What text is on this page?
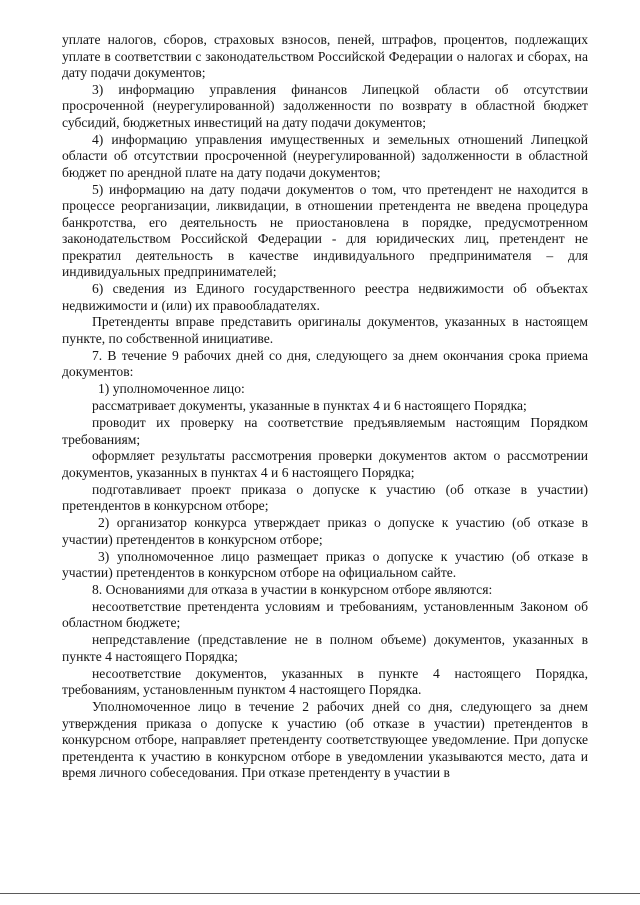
уплате налогов, сборов, страховых взносов, пеней, штрафов, процентов, подлежащих уплате в соответствии с законодательством Российской Федерации о налогах и сборах, на дату подачи документов;

3) информацию управления финансов Липецкой области об отсутствии просроченной (неурегулированной) задолженности по возврату в областной бюджет субсидий, бюджетных инвестиций на дату подачи документов;

4) информацию управления имущественных и земельных отношений Липецкой области об отсутствии просроченной (неурегулированной) задолженности в областной бюджет по арендной плате на дату подачи документов;

5) информацию на дату подачи документов о том, что претендент не находится в процессе реорганизации, ликвидации, в отношении претендента не введена процедура банкротства, его деятельность не приостановлена в порядке, предусмотренном законодательством Российской Федерации - для юридических лиц, претендент не прекратил деятельность в качестве индивидуального предпринимателя – для индивидуальных предпринимателей;

6) сведения из Единого государственного реестра недвижимости об объектах недвижимости и (или) их правообладателях.

Претенденты вправе представить оригиналы документов, указанных в настоящем пункте, по собственной инициативе.

7. В течение 9 рабочих дней со дня, следующего за днем окончания срока приема документов:

1) уполномоченное лицо:

рассматривает документы, указанные в пунктах 4 и 6 настоящего Порядка;

проводит их проверку на соответствие предъявляемым настоящим Порядком требованиям;

оформляет результаты рассмотрения проверки документов актом о рассмотрении документов, указанных в пунктах 4 и 6 настоящего Порядка;

подготавливает проект приказа о допуске к участию (об отказе в участии) претендентов в конкурсном отборе;

2) организатор конкурса утверждает приказ о допуске к участию (об отказе в участии) претендентов в конкурсном отборе;

3) уполномоченное лицо размещает приказ о допуске к участию (об отказе в участии) претендентов в конкурсном отборе на официальном сайте.

8. Основаниями для отказа в участии в конкурсном отборе являются:

несоответствие претендента условиям и требованиям, установленным Законом об областном бюджете;

непредставление (представление не в полном объеме) документов, указанных в пункте 4 настоящего Порядка;

несоответствие документов, указанных в пункте 4 настоящего Порядка, требованиям, установленным пунктом 4 настоящего Порядка.

Уполномоченное лицо в течение 2 рабочих дней со дня, следующего за днем утверждения приказа о допуске к участию (об отказе в участии) претендентов в конкурсном отборе, направляет претенденту соответствующее уведомление. При допуске претендента к участию в конкурсном отборе в уведомлении указываются место, дата и время личного собеседования. При отказе претенденту в участии в
